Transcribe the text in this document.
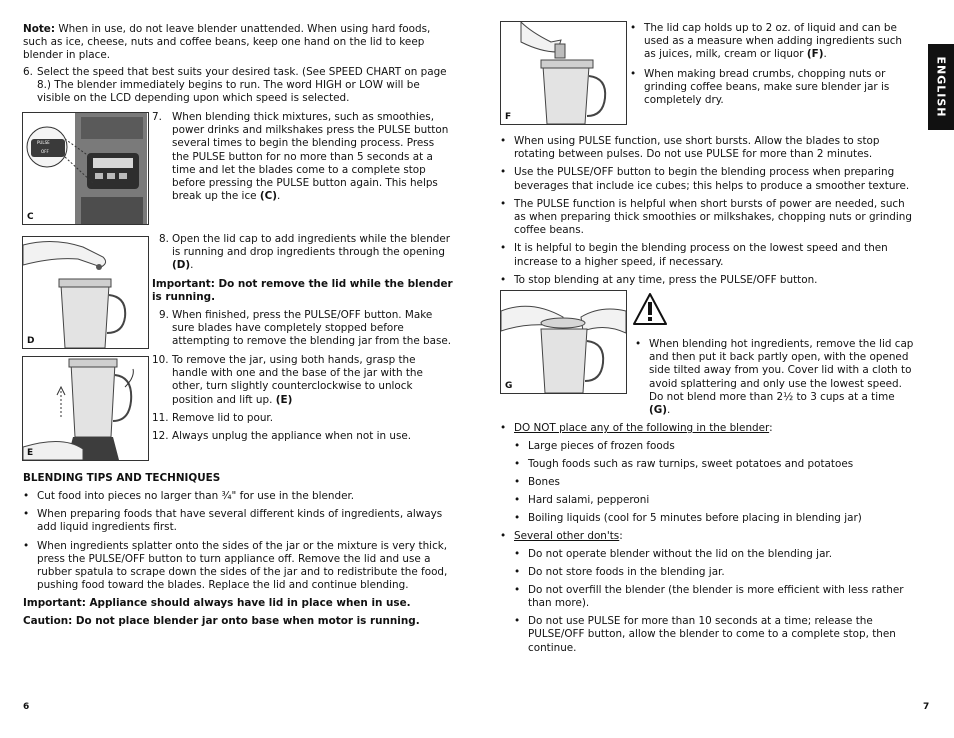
Note: When in use, do not leave blender unattended. When using hard foods, such as ice, cheese, nuts and coffee beans, keep one hand on the lid to keep blender in place.
6. Select the speed that best suits your desired task. (See SPEED CHART on page 8.) The blender immediately begins to run. The word HIGH or LOW will be visible on the LCD depending upon which speed is selected.
PULSE
OFF
C
7. When blending thick mixtures, such as smoothies, power drinks and milkshakes press the PULSE button several times to begin the blending process. Press the PULSE button for no more than 5 seconds at a time and let the blades come to a complete stop before pressing the PULSE button again. This helps break up the ice (C).
D
8. Open the lid cap to add ingredients while the blender is running and drop ingredients through the opening (D).
Important: Do not remove the lid while the blender is running.
9. When finished, press the PULSE/OFF button. Make sure blades have completely stopped before attempting to remove the blending jar from the base.
E
10. To remove the jar, using both hands, grasp the handle with one and the base of the jar with the other, turn slightly counterclockwise to unlock position and lift up. (E)
11. Remove lid to pour.
12. Always unplug the appliance when not in use.
BLENDING TIPS AND TECHNIQUES
• Cut food into pieces no larger than ¾" for use in the blender.
• When preparing foods that have several different kinds of ingredients, always add liquid ingredients first.
• When ingredients splatter onto the sides of the jar or the mixture is very thick, press the PULSE/OFF button to turn appliance off. Remove the lid and use a rubber spatula to scrape down the sides of the jar and to redistribute the food, pushing food toward the blades. Replace the lid and continue blending.
Important: Appliance should always have lid in place when in use.
Caution: Do not place blender jar onto base when motor is running.
6
F
• The lid cap holds up to 2 oz. of liquid and can be used as a measure when adding ingredients such as juices, milk, cream or liquor (F).
• When making bread crumbs, chopping nuts or grinding coffee beans, make sure blender jar is completely dry.	ENGLISH
• When using PULSE function, use short bursts. Allow the blades to stop rotating between pulses. Do not use PULSE for more than 2 minutes.
• Use the PULSE/OFF button to begin the blending process when preparing beverages that include ice cubes; this helps to produce a smoother texture.
• The PULSE function is helpful when short bursts of power are needed, such as when preparing thick smoothies or milkshakes, chopping nuts or grinding coffee beans.
• It is helpful to begin the blending process on the lowest speed and then increase to a higher speed, if necessary.
• To stop blending at any time, press the PULSE/OFF button.
G
• When blending hot ingredients, remove the lid cap and then put it back partly open, with the opened side tilted away from you. Cover lid with a cloth to avoid splattering and only use the lowest speed. Do not blend more than 2½ to 3 cups at a time (G).
• DO NOT place any of the following in the blender:
• Large pieces of frozen foods
• Tough foods such as raw turnips, sweet potatoes and potatoes
• Bones
• Hard salami, pepperoni
• Boiling liquids (cool for 5 minutes before placing in blending jar)
• Several other don'ts:
• Do not operate blender without the lid on the blending jar.
• Do not store foods in the blending jar.
• Do not overfill the blender (the blender is more efficient with less rather than more).
• Do not use PULSE for more than 10 seconds at a time; release the PULSE/OFF button, allow the blender to come to a complete stop, then continue.
7
